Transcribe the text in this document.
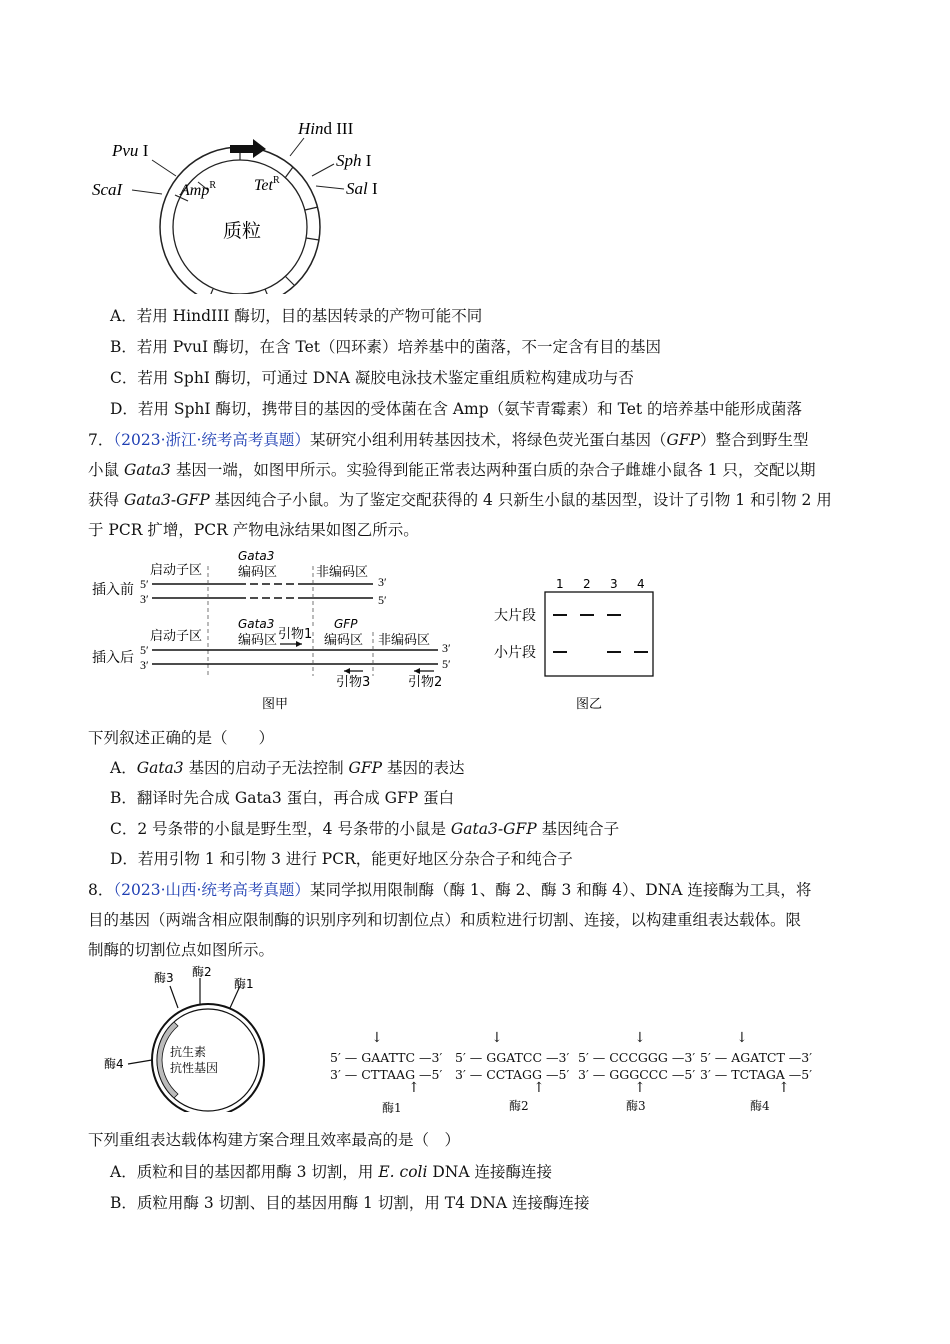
Hind III
Pvu I
ScaI
Sph I
Sal I
Amp$^R$ Tet$^R$
质粒
A．若用 HindIII 酶切，目的基因转录的产物可能不同
B．若用 PvuI 酶切，在含 Tet（四环素）培养基中的菌落，不一定含有目的基因
C．若用 SphI 酶切，可通过 DNA 凝胶电泳技术鉴定重组质粒构建成功与否
D．若用 SphI 酶切，携带目的基因的受体菌在含 Amp（氨苄青霉素）和 Tet 的培养基中能形成菌落
7．（2023·浙江·统考高考真题）某研究小组利用转基因技术，将绿色荧光蛋白基因（GFP）整合到野生型
小鼠 Gata3 基因一端，如图甲所示。实验得到能正常表达两种蛋白质的杂合子雌雄小鼠各 1 只，交配以期
获得 Gata3-GFP 基因纯合子小鼠。为了鉴定交配获得的 4 只新生小鼠的基因型，设计了引物 1 和引物 2 用
于 PCR 扩增，PCR 产物电泳结果如图乙所示。
插入前
插入后
5′
3′
3′
5′
启动子区
Gata3
编码区	非编码区
启动子区
Gata3
编码区 引物1
GFP
编码区 非编码区
5′
3′
3′
5′
引物3	引物2
图甲
1 2 3 4
大片段
小片段
图乙
下列叙述正确的是（　　）
A．Gata3 基因的启动子无法控制 GFP 基因的表达
B．翻译时先合成 Gata3 蛋白，再合成 GFP 蛋白
C．2 号条带的小鼠是野生型，4 号条带的小鼠是 Gata3-GFP 基因纯合子
D．若用引物 1 和引物 3 进行 PCR，能更好地区分杂合子和纯合子
8．（2023·山西·统考高考真题）某同学拟用限制酶（酶 1、酶 2、酶 3 和酶 4）、DNA 连接酶为工具，将
目的基因（两端含相应限制酶的识别序列和切割位点）和质粒进行切割、连接，以构建重组表达载体。限
制酶的切割位点如图所示。
酶3 酶2
酶1
酶4
抗生素
抗性基因
↓
5′ — GAATTC —3′
3′ — CTTAAG —5′
↑
酶1
↓
5′ — GGATCC —3′
3′ — CCTAGG —5′
↑
酶2
↓
5′ — CCCGGG —3′
3′ — GGGCCC —5′
↑
酶3
↓
5′ — AGATCT —3′
3′ — TCTAGA —5′
↑
酶4
下列重组表达载体构建方案合理且效率最高的是（　）
A．质粒和目的基因都用酶 3 切割，用 E. coli DNA 连接酶连接
B．质粒用酶 3 切割、目的基因用酶 1 切割，用 T4 DNA 连接酶连接
